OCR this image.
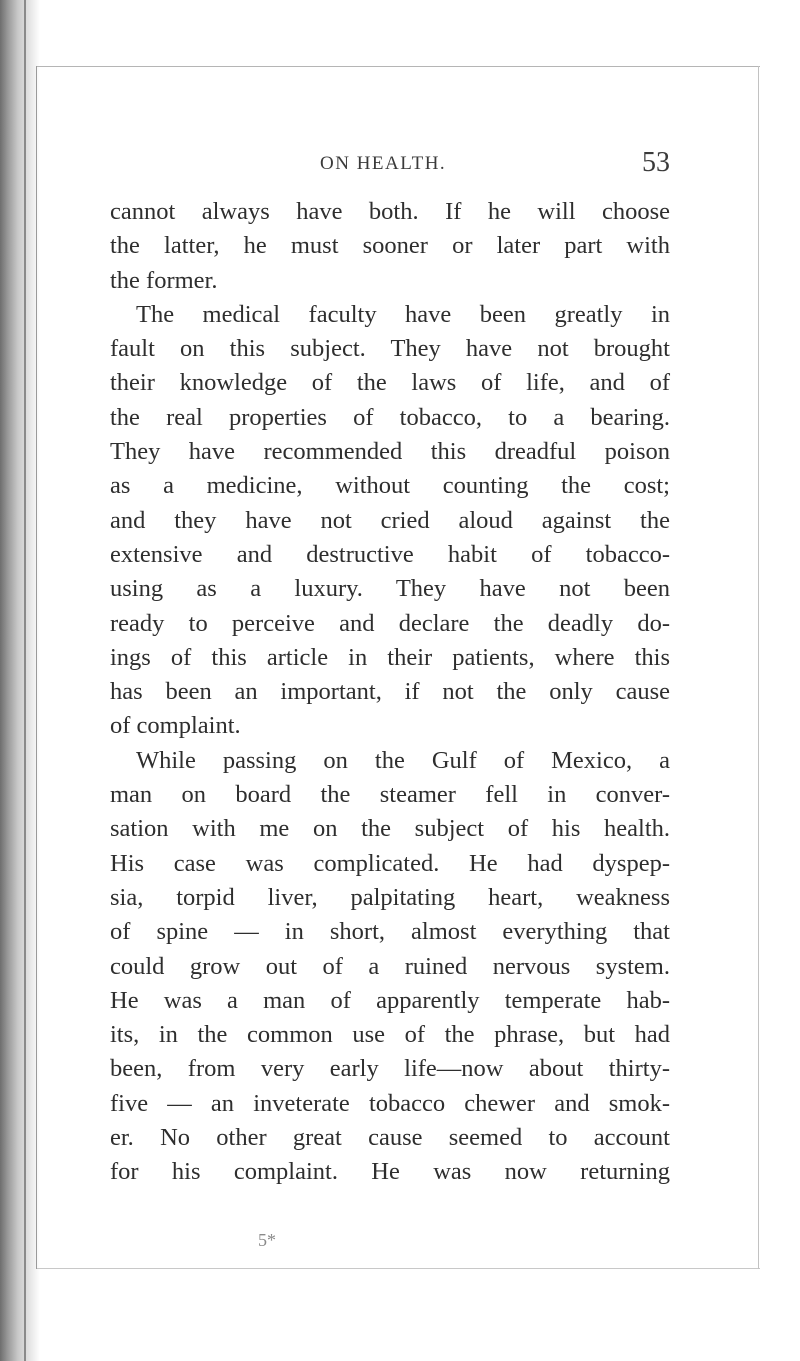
ON HEALTH.	53
cannot always have both. If he will choose
the latter, he must sooner or later part with
the former.
The medical faculty have been greatly in
fault on this subject. They have not brought
their knowledge of the laws of life, and of
the real properties of tobacco, to a bearing.
They have recommended this dreadful poison
as a medicine, without counting the cost;
and they have not cried aloud against the
extensive and destructive habit of tobacco-
using as a luxury. They have not been
ready to perceive and declare the deadly do-
ings of this article in their patients, where this
has been an important, if not the only cause
of complaint.
While passing on the Gulf of Mexico, a
man on board the steamer fell in conver-
sation with me on the subject of his health.
His case was complicated. He had dyspep-
sia, torpid liver, palpitating heart, weakness
of spine — in short, almost everything that
could grow out of a ruined nervous system.
He was a man of apparently temperate hab-
its, in the common use of the phrase, but had
been, from very early life—now about thirty-
five — an inveterate tobacco chewer and smok-
er. No other great cause seemed to account
for his complaint. He was now returning
5*
